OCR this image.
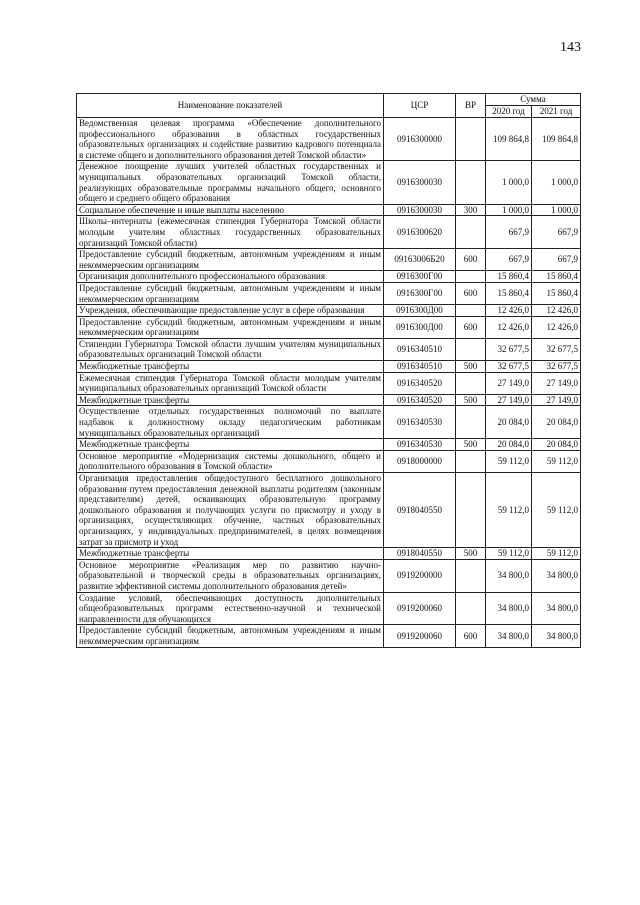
143
Наименование показателей	ЦСР	ВР	Сумма	
			2020 год	2021 год
Ведомственная целевая программа «Обеспечение дополнительного профессионального образования в областных государственных образовательных организациях и содействие развитию кадрового потенциала в системе общего и дополнительного образования детей Томской области»	0916300000		109 864,8	109 864,8
Денежное поощрение лучших учителей областных государственных и муниципальных образовательных организаций Томской области, реализующих образовательные программы начального общего, основного общего и среднего общего образования	0916300030		1 000,0	1 000,0
Социальное обеспечение и иные выплаты населению	0916300030	300	1 000,0	1 000,0
Школы–интернаты (ежемесячная стипендия Губернатора Томской области молодым учителям областных государственных образовательных организаций Томской области)	0916300620		667,9	667,9
Предоставление субсидий бюджетным, автономным учреждениям и иным некоммерческим организациям	09163006Б20	600	667,9	667,9
Организация дополнительного профессионального образования	0916300Г00		15 860,4	15 860,4
Предоставление субсидий бюджетным, автономным учреждениям и иным некоммерческим организациям	0916300Г00	600	15 860,4	15 860,4
Учреждения, обеспечивающие предоставление услуг в сфере образования	0916300Д00		12 426,0	12 426,0
Предоставление субсидий бюджетным, автономным учреждениям и иным некоммерческим организациям	0916300Д00	600	12 426,0	12 426,0
Стипендии Губернатора Томской области лучшим учителям муниципальных образовательных организаций Томской области	0916340510		32 677,5	32 677,5
Межбюджетные трансферты	0916340510	500	32 677,5	32 677,5
Ежемесячная стипендия Губернатора Томской области молодым учителям муниципальных образовательных организаций Томской области	0916340520		27 149,0	27 149,0
Межбюджетные трансферты	0916340520	500	27 149,0	27 149,0
Осуществление отдельных государственных полномочий по выплате надбавок к должностному окладу педагогическим работникам муниципальных образовательных организаций	0916340530		20 084,0	20 084,0
Межбюджетные трансферты	0916340530	500	20 084,0	20 084,0
Основное мероприятие «Модернизация системы дошкольного, общего и дополнительного образования в Томской области»	0918000000		59 112,0	59 112,0
Организация предоставления общедоступного бесплатного дошкольного образования путем предоставления денежной выплаты родителям (законным представителям) детей, осваивающих образовательную программу дошкольного образования и получающих услуги по присмотру и уходу в организациях, осуществляющих обучение, частных образовательных организациях, у индивидуальных предпринимателей, в целях возмещения затрат за присмотр и уход	0918040550		59 112,0	59 112,0
Межбюджетные трансферты	0918040550	500	59 112,0	59 112,0
Основное мероприятие «Реализация мер по развитию научно-образовательной и творческой среды в образовательных организациях, развитие эффективной системы дополнительного образования детей»	0919200000		34 800,0	34 800,0
Создание условий, обеспечивающих доступность дополнительных общеобразовательных программ естественно-научной и технической направленности для обучающихся	0919200060		34 800,0	34 800,0
Предоставление субсидий бюджетным, автономным учреждениям и иным некоммерческим организациям	0919200060	600	34 800,0	34 800,0
